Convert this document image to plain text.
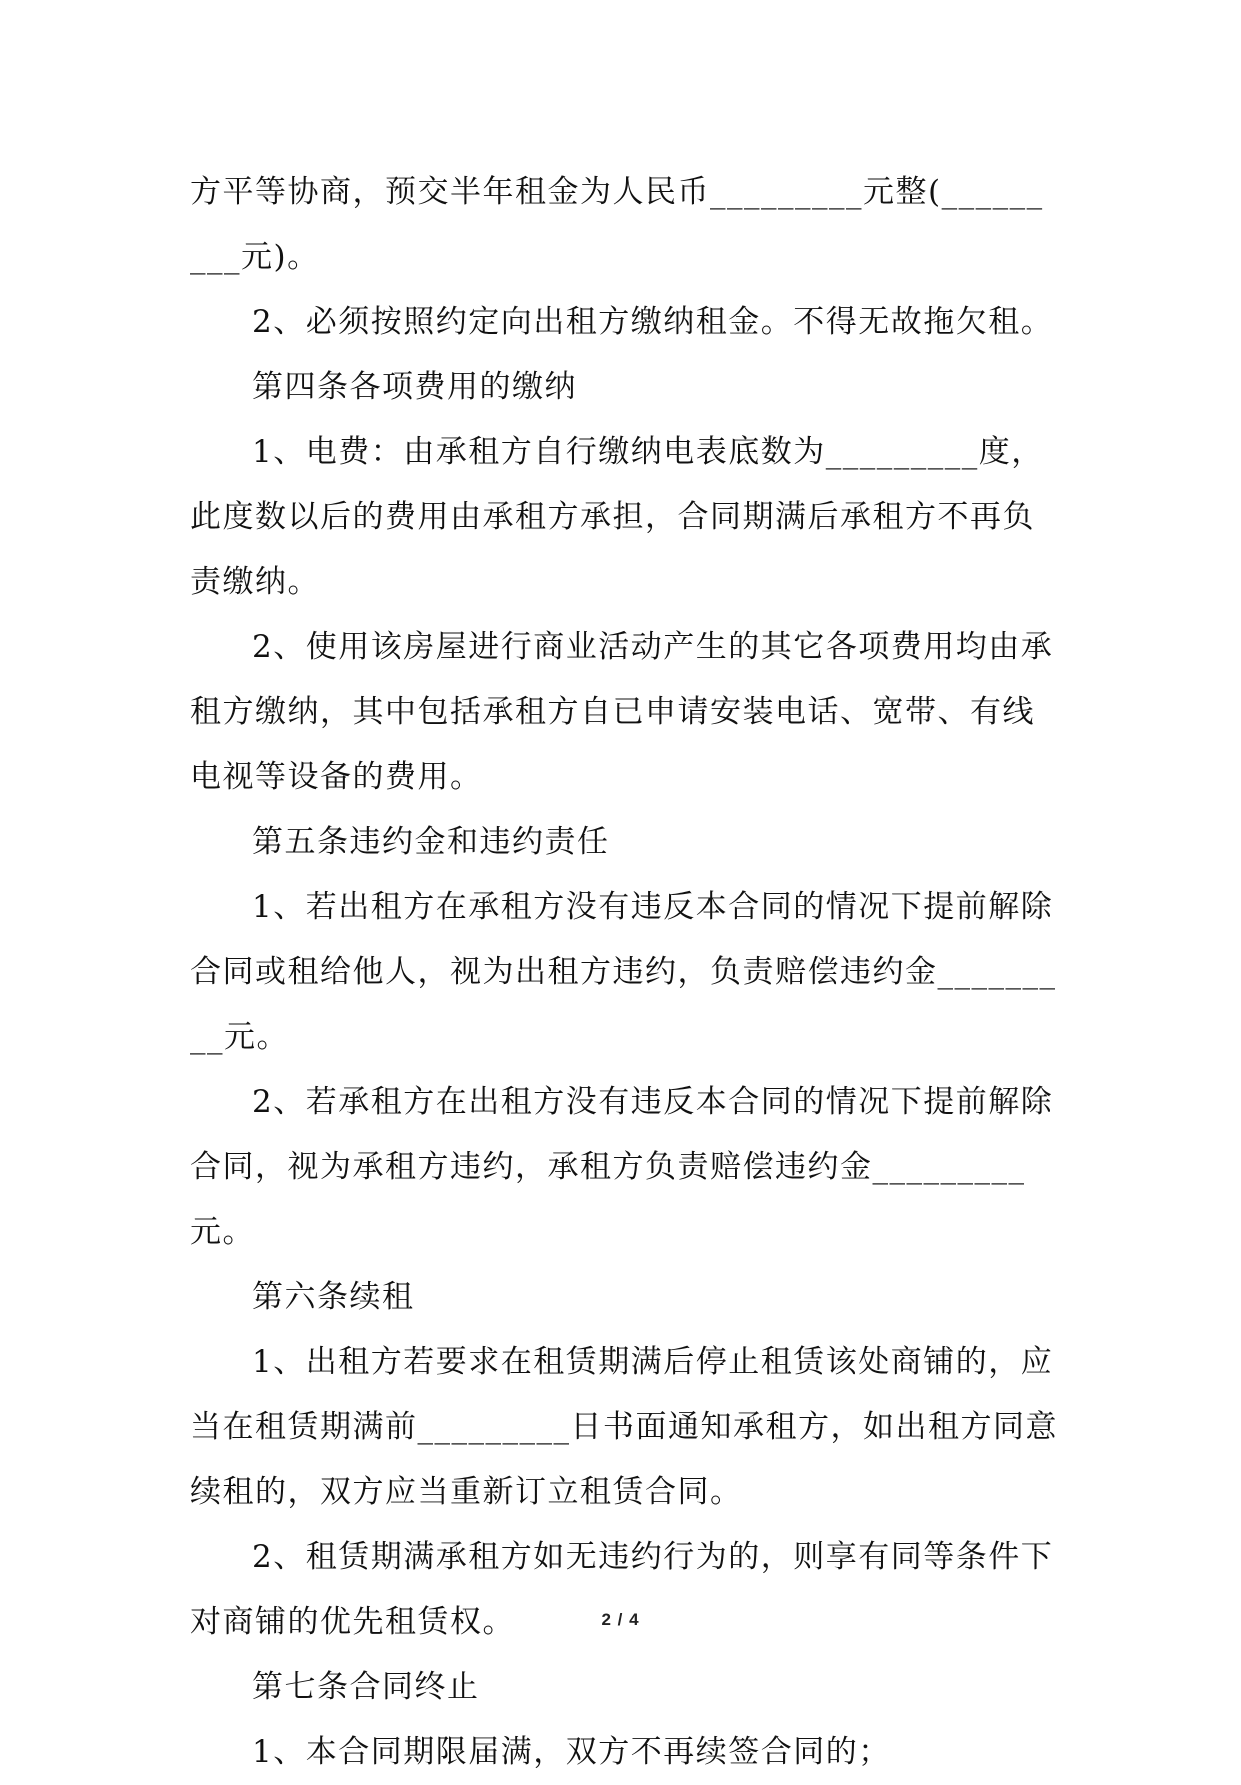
方平等协商，预交半年租金为人民币_________元整(_________元)。

2、必须按照约定向出租方缴纳租金。不得无故拖欠租。

第四条各项费用的缴纳

1、电费：由承租方自行缴纳电表底数为_________度，此度数以后的费用由承租方承担，合同期满后承租方不再负责缴纳。

2、使用该房屋进行商业活动产生的其它各项费用均由承租方缴纳，其中包括承租方自已申请安装电话、宽带、有线电视等设备的费用。

第五条违约金和违约责任

1、若出租方在承租方没有违反本合同的情况下提前解除合同或租给他人，视为出租方违约，负责赔偿违约金_________元。

2、若承租方在出租方没有违反本合同的情况下提前解除合同，视为承租方违约，承租方负责赔偿违约金_________元。

第六条续租

1、出租方若要求在租赁期满后停止租赁该处商铺的，应当在租赁期满前_________日书面通知承租方，如出租方同意续租的，双方应当重新订立租赁合同。

2、租赁期满承租方如无违约行为的，则享有同等条件下对商铺的优先租赁权。

第七条合同终止

1、本合同期限届满，双方不再续签合同的；

2 / 4
